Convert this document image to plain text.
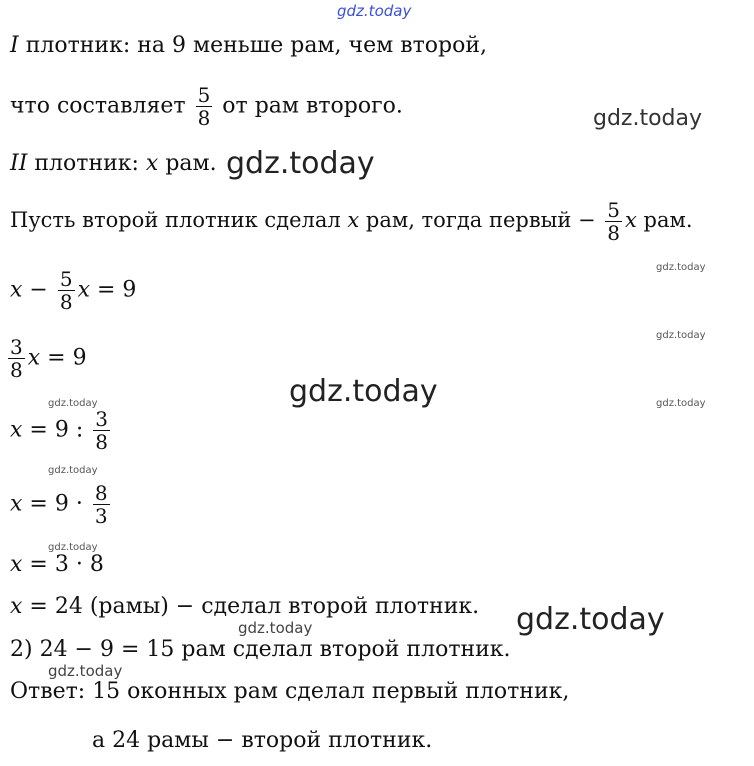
gdz.today
gdz.today
gdz.today
gdz.today
gdz.today
gdz.today	gdz.today
gdz.today
gdz.today
gdz.today
gdz.today
gdz.today
gdz.today
I плотник: на 9 меньше рам, чем второй,
что составляет $\frac{5}{8}$ от рам второго.
II плотник: x рам.
Пусть второй плотник сделал x рам, тогда первый − $\frac{5}{8}$ x рам.
$x - \frac{5}{8}$ x = 9
$\frac{3}{8}$ x = 9
x = 9 : $\frac{3}{8}$
$x = 9 \cdot \frac{8}{3}$
x = 3 · 8
x = 24 (рамы) − сделал второй плотник.
2) 24 − 9 = 15 рам сделал второй плотник.
Ответ: 15 оконных рам сделал первый плотник,
а 24 рамы − второй плотник.
